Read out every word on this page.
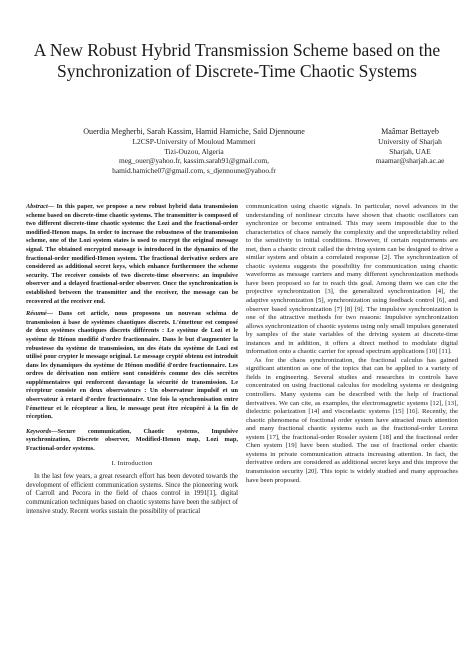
A New Robust Hybrid Transmission Scheme based on the Synchronization of Discrete-Time Chaotic Systems
Ouerdia Megherbi, Sarah Kassim, Hamid Hamiche, Saïd Djennoune
L2CSP-University of Mouloud Mammeri
Tizi-Ouzou, Algeria
meg_ouer@yahoo.fr, kassim.sarah91@gmail.com,
hamid.hamiche07@gmail.com, s_djennoune@yahoo.fr
Maâmar Bettayeb
University of Sharjah
Sharjah, UAE
maamar@sharjah.ac.ae

Abstract— In this paper, we propose a new robust hybrid data transmission scheme based on discrete-time chaotic systems. The transmitter is composed of two different discrete-time chaotic systems: the Lozi and the fractional-order modified-Henon maps. In order to increase the robustness of the transmission scheme, one of the Lozi system states is used to encrypt the original message signal. The obtained encrypted message is introduced in the dynamics of the fractional-order modified-Henon system. The fractional derivative orders are considered as additional secret keys, which enhance furthermore the scheme security. The receiver consists of two discrete-time observers: an impulsive observer and a delayed fractional-order observer. Once the synchronization is established between the transmitter and the receiver, the message can be recovered at the receiver end.

Résumé— Dans cet article, nous proposons un nouveau schéma de transmission à base de systèmes chaotiques discrets. L'émetteur est composé de deux systèmes chaotiques discrets différents : Le système de Lozi et le système de Hénon modifié d'ordre fractionnaire. Dans le but d'augmenter la robustesse du système de transmission, un des états du système de Lozi est utilisé pour crypter le message original. Le message crypté obtenu est introduit dans les dynamiques du système de Hénon modifié d'ordre fractionnaire. Les ordres de dérivation non entière sont considérés comme des clés secrètes supplémentaires qui renforcent davantage la sécurité de transmission. Le récepteur consiste en deux observateurs : Un observateur impulsif et un observateur à retard d'ordre fractionnaire. Une fois la synchronisation entre l'émetteur et le récepteur a lieu, le message peut être récupéré à la fin de réception.

Keywords—Secure communication, Chaotic systems, Impulsive synchronization, Discrete observer, Modified-Henon map, Lozi map, Fractional-order systems.

I. Introduction

In the last few years, a great research effort has been devoted towards the development of efficient communication systems. Since the pioneering work of Carroll and Pecora in the field of chaos control in 1991[1], digital communication techniques based on chaotic systems have been the subject of intensive study. Recent works sustain the possibility of practical

communication using chaotic signals. In particular, novel advances in the understanding of nonlinear circuits have shown that chaotic oscillators can synchronize or become entrained. This may seem impossible due to the characteristics of chaos namely the complexity and the unpredictability relied to the sensitivity to initial conditions. However, if certain requirements are met, then a chaotic circuit called the driving system can be designed to drive a similar system and obtain a correlated response [2]. The synchronization of chaotic systems suggests the possibility for communication using chaotic waveforms as message carriers and many different synchronization methods have been proposed so far to reach this goal. Among them we can cite the projective synchronization [3], the generalized synchronization [4], the adaptive synchronization [5], synchronization using feedback control [6], and observer based synchronization [7] [8] [9]. The impulsive synchronization is one of the attractive methods for two reasons: Impulsive synchronization allows synchronization of chaotic systems using only small impulses generated by samples of the state variables of the driving system at discrete-time instances and in addition, it offers a direct method to modulate digital information onto a chaotic carrier for spread spectrum applications [10] [11].

As for the chaos synchronization, the fractional calculus has gained significant attention as one of the topics that can be applied to a variety of fields in engineering. Several studies and researches in controls have concentrated on using fractional calculus for modeling systems or designing controllers. Many systems can be described with the help of fractional derivatives. We can cite, as examples, the electromagnetic systems [12], [13], dielectric polarization [14] and viscoelastic systems [15] [16]. Recently, the chaotic phenomena of fractional order system have attracted much attention and many fractional chaotic systems such as the fractional-order Lorenz system [17], the fractional-order Rossler system [18] and the fractional order Chen system [19] have been studied. The use of fractional order chaotic systems in private communication attracts increasing attention. In fact, the derivative orders are considered as additional secret keys and this improve the transmission security [20]. This topic is widely studied and many approaches have been proposed.
